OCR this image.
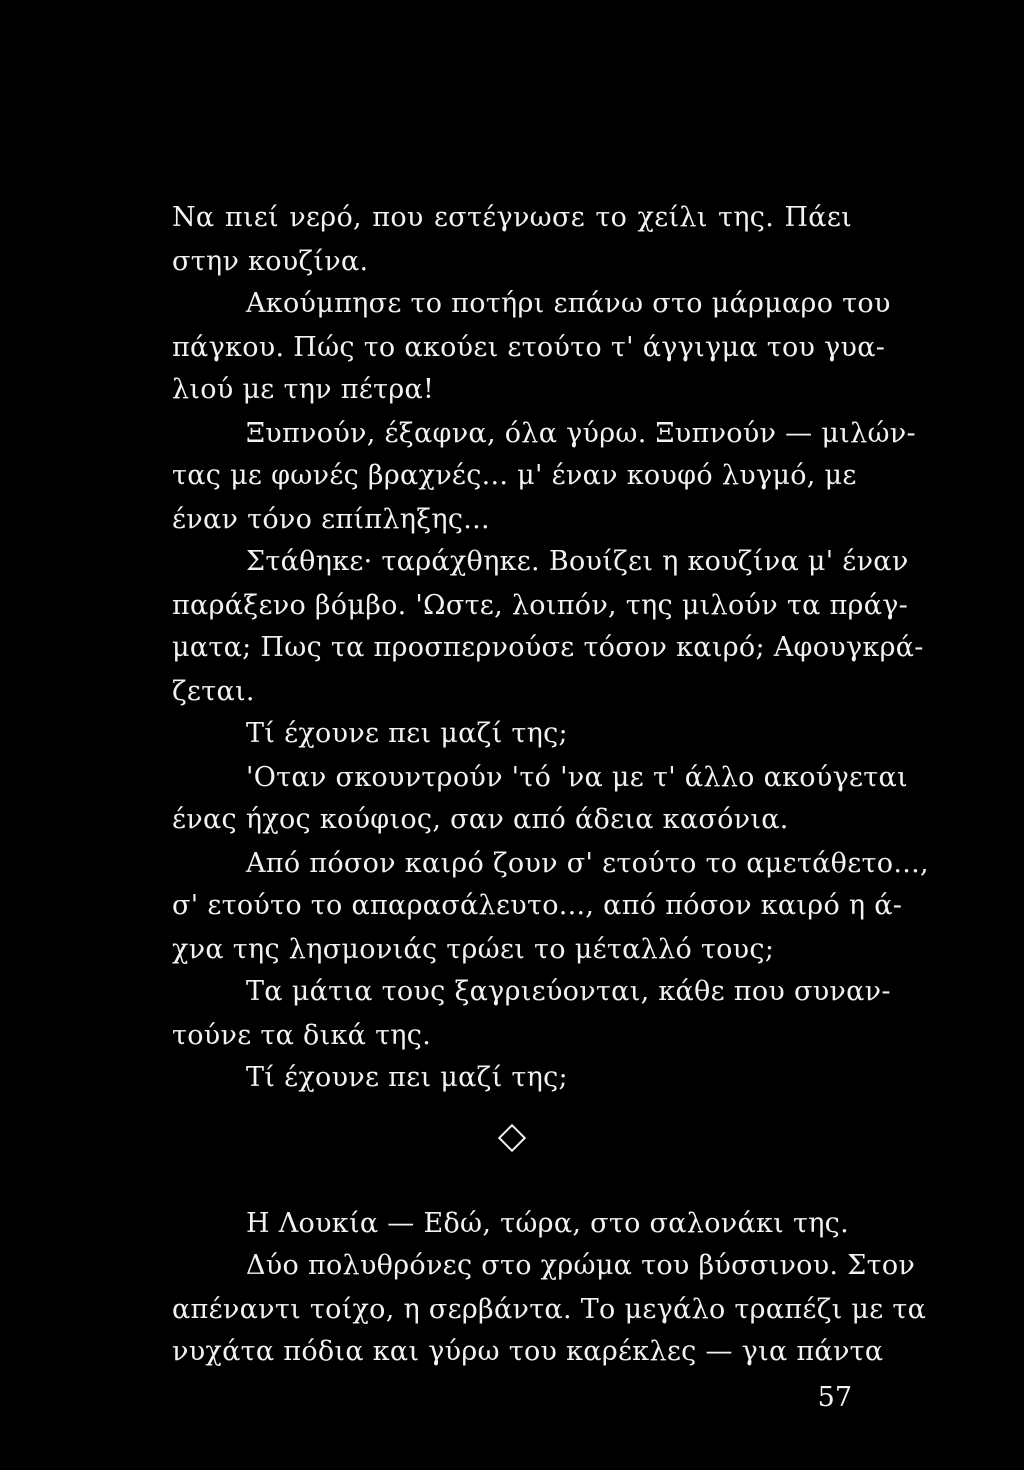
Να πιεί νερό, που εστέγνωσε το χείλι της. Πάει
στην κουζίνα.
Ακούμπησε το ποτήρι επάνω στο μάρμαρο του
πάγκου. Πώς το ακούει ετούτο τ' άγγιγμα του γυα-
λιού με την πέτρα!
Ξυπνούν, έξαφνα, όλα γύρω. Ξυπνούν — μιλών-
τας με φωνές βραχνές... μ' έναν κουφό λυγμό, με
έναν τόνο επίπληξης...
Στάθηκε· ταράχθηκε. Βουίζει η κουζίνα μ' έναν
παράξενο βόμβο. 'Ωστε, λοιπόν, της μιλούν τα πράγ-
ματα; Πως τα προσπερνούσε τόσον καιρό; Αφουγκρά-
ζεται.
Τί έχουνε πει μαζί της;
'Οταν σκουντρούν 'τό 'να με τ' άλλο ακούγεται
ένας ήχος κούφιος, σαν από άδεια κασόνια.
Από πόσον καιρό ζουν σ' ετούτο το αμετάθετο...,
σ' ετούτο το απαρασάλευτο..., από πόσον καιρό η ά-
χνα της λησμονιάς τρώει το μέταλλό τους;
Τα μάτια τους ξαγριεύονται, κάθε που συναν-
τούνε τα δικά της.
Τί έχουνε πει μαζί της;
Η Λουκία — Εδώ, τώρα, στο σαλονάκι της.
Δύο πολυθρόνες στο χρώμα του βύσσινου. Στον
απέναντι τοίχο, η σερβάντα. Το μεγάλο τραπέζι με τα
νυχάτα πόδια και γύρω του καρέκλες — για πάντα
57
